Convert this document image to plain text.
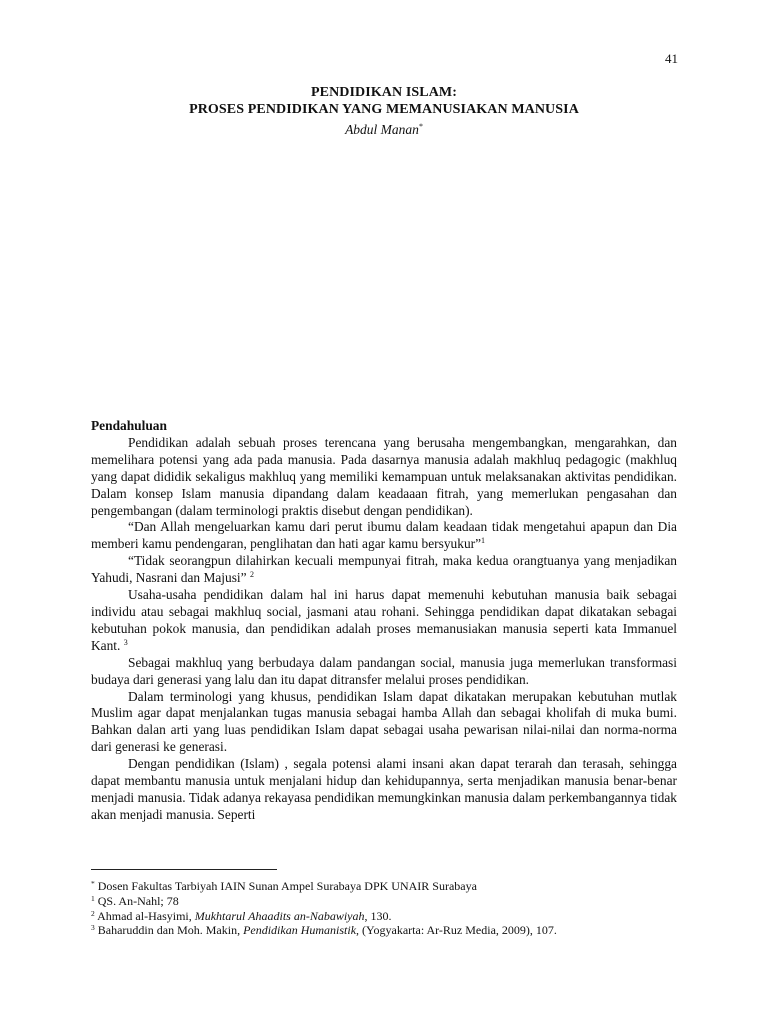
41
PENDIDIKAN ISLAM:
PROSES PENDIDIKAN YANG MEMANUSIAKAN MANUSIA
Abdul Manan*
Pendahuluan

Pendidikan adalah sebuah proses terencana yang berusaha mengembangkan, mengarahkan, dan memelihara potensi yang ada pada manusia. Pada dasarnya manusia adalah makhluq pedagogic (makhluq yang dapat dididik sekaligus makhluq yang memiliki kemampuan untuk melaksanakan aktivitas pendidikan. Dalam konsep Islam manusia dipandang dalam keadaaan fitrah, yang memerlukan pengasahan dan pengembangan (dalam terminologi praktis disebut dengan pendidikan).

“Dan Allah mengeluarkan kamu dari perut ibumu dalam keadaan tidak mengetahui apapun dan Dia memberi kamu pendengaran, penglihatan dan hati agar kamu bersyukur”$^1$

“Tidak seorangpun dilahirkan kecuali mempunyai fitrah, maka kedua orangtuanya yang menjadikan Yahudi, Nasrani dan Majusi” $^2$

Usaha-usaha pendidikan dalam hal ini harus dapat memenuhi kebutuhan manusia baik sebagai individu atau sebagai makhluq social, jasmani atau rohani. Sehingga pendidikan dapat dikatakan sebagai kebutuhan pokok manusia, dan pendidikan adalah proses memanusiakan manusia seperti kata Immanuel Kant. $^3$

Sebagai makhluq yang berbudaya dalam pandangan social, manusia juga memerlukan transformasi budaya dari generasi yang lalu dan itu dapat ditransfer melalui proses pendidikan.

Dalam terminologi yang khusus, pendidikan Islam dapat dikatakan merupakan kebutuhan mutlak Muslim agar dapat menjalankan tugas manusia sebagai hamba Allah dan sebagai kholifah di muka bumi. Bahkan dalan arti yang luas pendidikan Islam dapat sebagai usaha pewarisan nilai-nilai dan norma-norma dari generasi ke generasi.

Dengan pendidikan (Islam) , segala potensi alami insani akan dapat terarah dan terasah, sehingga dapat membantu manusia untuk menjalani hidup dan kehidupannya, serta menjadikan manusia benar-benar menjadi manusia. Tidak adanya rekayasa pendidikan memungkinkan manusia dalam perkembangannya tidak akan menjadi manusia. Seperti

* Dosen Fakultas Tarbiyah IAIN Sunan Ampel Surabaya DPK UNAIR Surabaya

$^1$ QS. An-Nahl; 78

$^2$ Ahmad al-Hasyimi, Mukhtarul Ahaadits an-Nabawiyah, 130.

$^3$ Baharuddin dan Moh. Makin, Pendidikan Humanistik, (Yogyakarta: Ar-Ruz Media, 2009), 107.
